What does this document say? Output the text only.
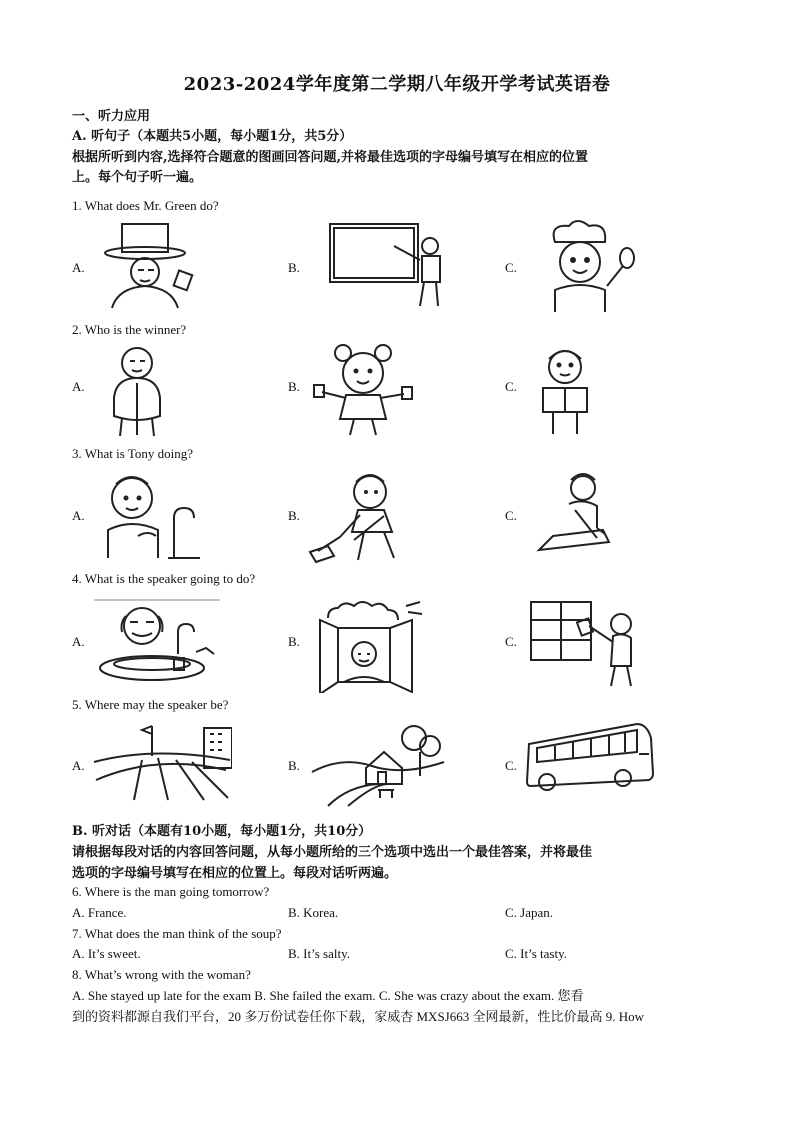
2023-2024学年度第二学期八年级开学考试英语卷
一、听力应用
A. 听句子（本题共5小题，每小题1分，共5分）
根据所听到内容,选择符合题意的图画回答问题,并将最佳选项的字母编号填写在相应的位置
上。每个句子听一遍。
1. What does Mr. Green do?
A.	B.	C.
2. Who is the winner?
A.	B.	C.
3. What is Tony doing?
A.	B.	C.
4. What is the speaker going to do?
A.	B.	C.
5. Where may the speaker be?
A.	B.	C.
B. 听对话（本题有10小题，每小题1分，共10分）
请根据每段对话的内容回答问题，从每小题所给的三个选项中选出一个最佳答案，并将最佳
选项的字母编号填写在相应的位置上。每段对话听两遍。
6. Where is the man going tomorrow?
A. France.	B. Korea.	C. Japan.
7. What does the man think of the soup?
A. It’s sweet.	B. It’s salty.	C. It’s tasty.
8. What’s wrong with the woman?
A. She stayed up late for the exam B. She failed the exam. C. She was crazy about the exam. 您看
到的资料都源自我们平台，20 多万份试卷任你下载，家威杏 MXSJ663 全网最新，性比价最高 9. How
